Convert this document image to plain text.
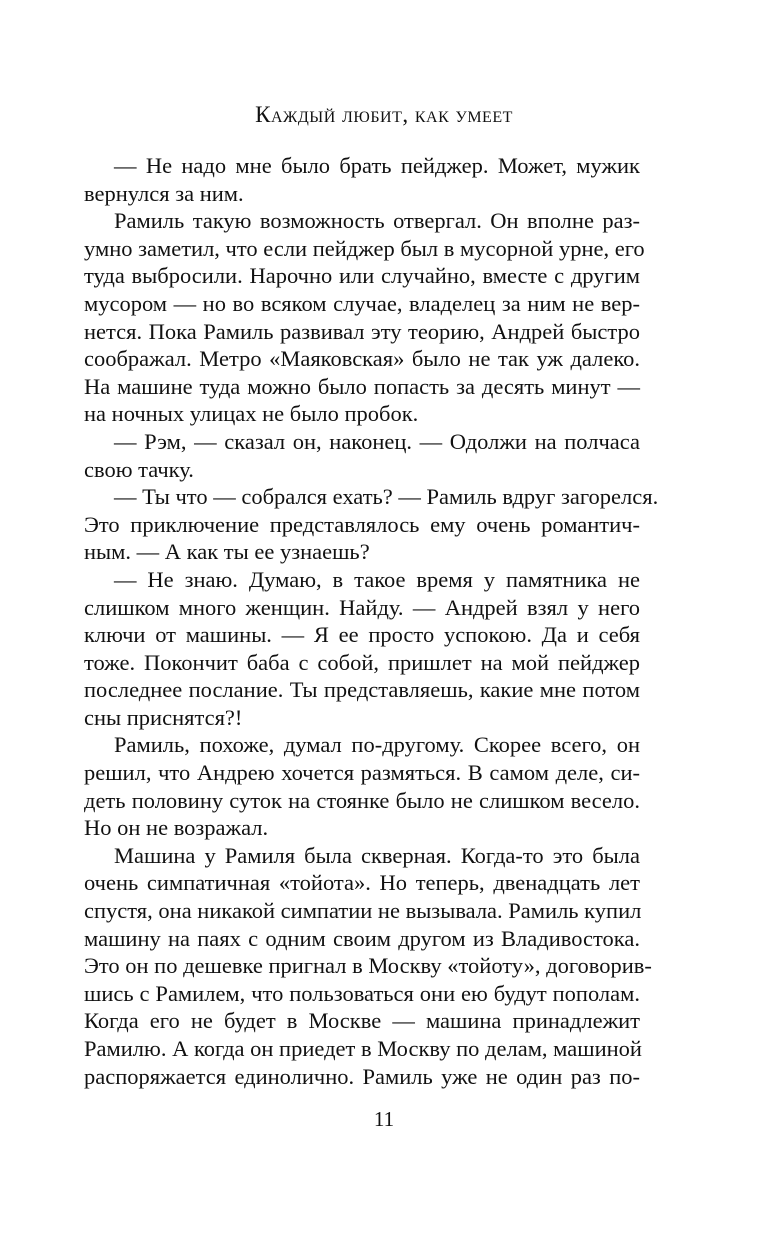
Каждый любит, как умеет
— Не надо мне было брать пейджер. Может, мужик
вернулся за ним.
Рамиль такую возможность отвергал. Он вполне раз-
умно заметил, что если пейджер был в мусорной урне, его
туда выбросили. Нарочно или случайно, вместе с другим
мусором — но во всяком случае, владелец за ним не вер-
нется. Пока Рамиль развивал эту теорию, Андрей быстро
соображал. Метро «Маяковская» было не так уж далеко.
На машине туда можно было попасть за десять минут —
на ночных улицах не было пробок.
— Рэм, — сказал он, наконец. — Одолжи на полчаса
свою тачку.
— Ты что — собрался ехать? — Рамиль вдруг загорелся.
Это приключение представлялось ему очень романтич-
ным. — А как ты ее узнаешь?
— Не знаю. Думаю, в такое время у памятника не
слишком много женщин. Найду. — Андрей взял у него
ключи от машины. — Я ее просто успокою. Да и себя
тоже. Покончит баба с собой, пришлет на мой пейджер
последнее послание. Ты представляешь, какие мне потом
сны приснятся?!
Рамиль, похоже, думал по-другому. Скорее всего, он
решил, что Андрею хочется размяться. В самом деле, си-
деть половину суток на стоянке было не слишком весело.
Но он не возражал.
Машина у Рамиля была скверная. Когда-то это была
очень симпатичная «тойота». Но теперь, двенадцать лет
спустя, она никакой симпатии не вызывала. Рамиль купил
машину на паях с одним своим другом из Владивостока.
Это он по дешевке пригнал в Москву «тойоту», договорив-
шись с Рамилем, что пользоваться они ею будут пополам.
Когда его не будет в Москве — машина принадлежит
Рамилю. А когда он приедет в Москву по делам, машиной
распоряжается единолично. Рамиль уже не один раз по-
11
